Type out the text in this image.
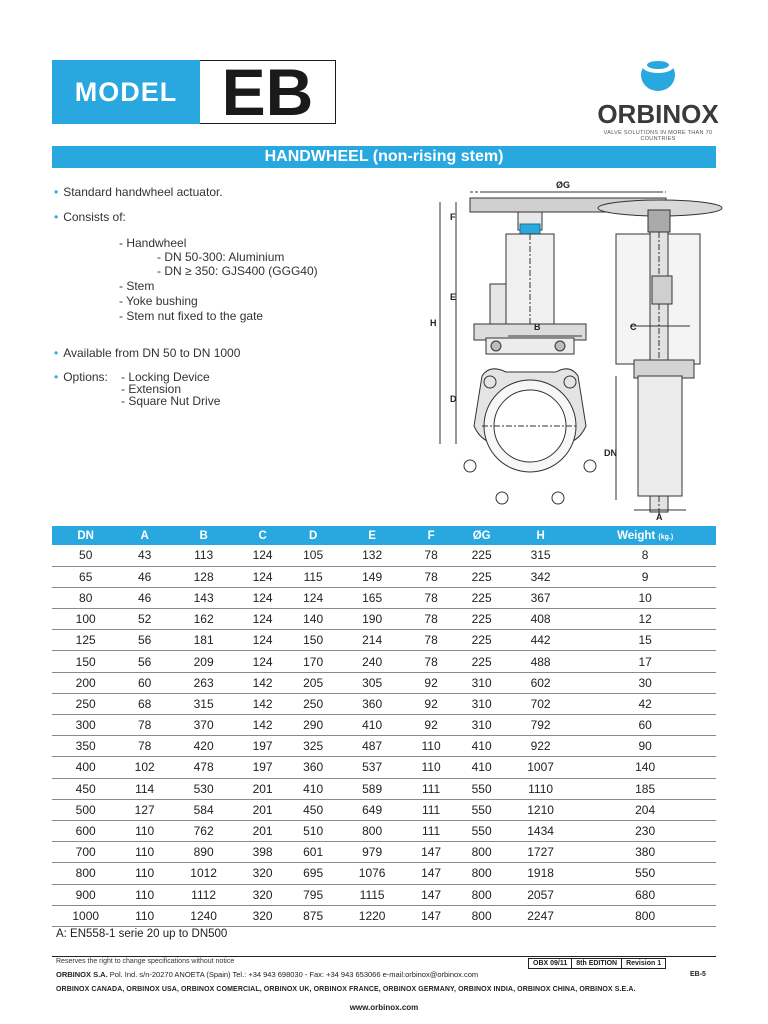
MODEL EB	ORBINOX
VALVE SOLUTIONS IN MORE THAN 70 COUNTRIES
HANDWHEEL (non-rising stem)
• Standard handwheel actuator.
• Consists of:
- Handwheel
- DN 50-300: Aluminium
- DN ≥ 350: GJS400 (GGG40)
- Stem
- Yoke bushing
- Stem nut fixed to the gate
• Available from DN 50 to DN 1000
• Options: - Locking Device
- Extension
- Square Nut Drive
ØG
F
E
H
D
B	C
DN
A
DN	A	B	C	D	E	F	ØG	H	Weight (kg.)
50	43	113	124	105	132	78	225	315	8
65	46	128	124	115	149	78	225	342	9
80	46	143	124	124	165	78	225	367	10
100	52	162	124	140	190	78	225	408	12
125	56	181	124	150	214	78	225	442	15
150	56	209	124	170	240	78	225	488	17
200	60	263	142	205	305	92	310	602	30
250	68	315	142	250	360	92	310	702	42
300	78	370	142	290	410	92	310	792	60
350	78	420	197	325	487	110	410	922	90
400	102	478	197	360	537	110	410	1007	140
450	114	530	201	410	589	111	550	1110	185
500	127	584	201	450	649	111	550	1210	204
600	110	762	201	510	800	111	550	1434	230
700	110	890	398	601	979	147	800	1727	380
800	110	1012	320	695	1076	147	800	1918	550
900	110	1112	320	795	1115	147	800	2057	680
1000	110	1240	320	875	1220	147	800	2247	800
A: EN558-1 serie 20 up to DN500
Reserves the right to change specifications without notice	OBX 09/11	8th EDITION	Revision 1
ORBINOX S.A. Pol. Ind. s/n-20270 ANOETA (Spain) Tel.: +34 943 698030 - Fax: +34 943 653066 e-mail:orbinox@orbinox.com	EB-5
ORBINOX CANADA, ORBINOX USA, ORBINOX COMERCIAL, ORBINOX UK, ORBINOX FRANCE, ORBINOX GERMANY, ORBINOX INDIA, ORBINOX CHINA, ORBINOX S.E.A.
www.orbinox.com
